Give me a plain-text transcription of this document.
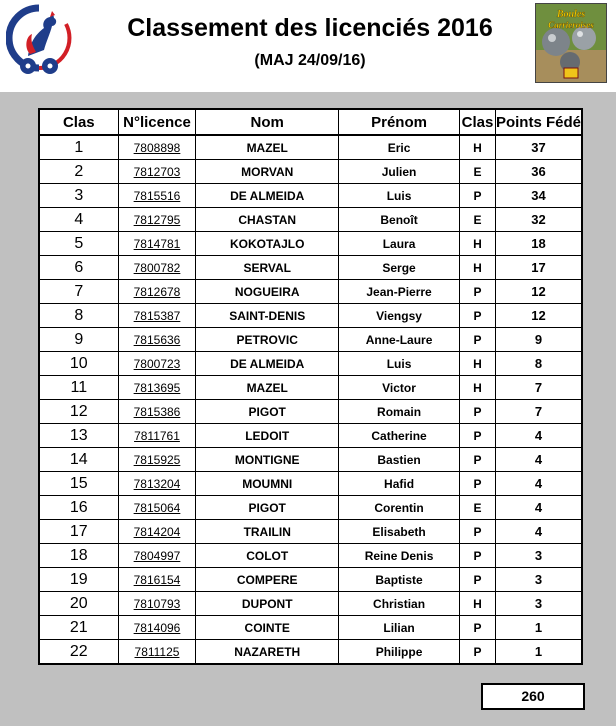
Classement des licenciés 2016
(MAJ 24/09/16)
Boules
Carrieroises
Clas	N°licence	Nom	Prénom	Clas	Points Fédé
1	7808898	MAZEL	Eric	H	37
2	7812703	MORVAN	Julien	E	36
3	7815516	DE ALMEIDA	Luis	P	34
4	7812795	CHASTAN	Benoît	E	32
5	7814781	KOKOTAJLO	Laura	H	18
6	7800782	SERVAL	Serge	H	17
7	7812678	NOGUEIRA	Jean-Pierre	P	12
8	7815387	SAINT-DENIS	Viengsy	P	12
9	7815636	PETROVIC	Anne-Laure	P	9
10	7800723	DE ALMEIDA	Luis	H	8
11	7813695	MAZEL	Victor	H	7
12	7815386	PIGOT	Romain	P	7
13	7811761	LEDOIT	Catherine	P	4
14	7815925	MONTIGNE	Bastien	P	4
15	7813204	MOUMNI	Hafid	P	4
16	7815064	PIGOT	Corentin	E	4
17	7814204	TRAILIN	Elisabeth	P	4
18	7804997	COLOT	Reine Denis	P	3
19	7816154	COMPERE	Baptiste	P	3
20	7810793	DUPONT	Christian	H	3
21	7814096	COINTE	Lilian	P	1
22	7811125	NAZARETH	Philippe	P	1
260
